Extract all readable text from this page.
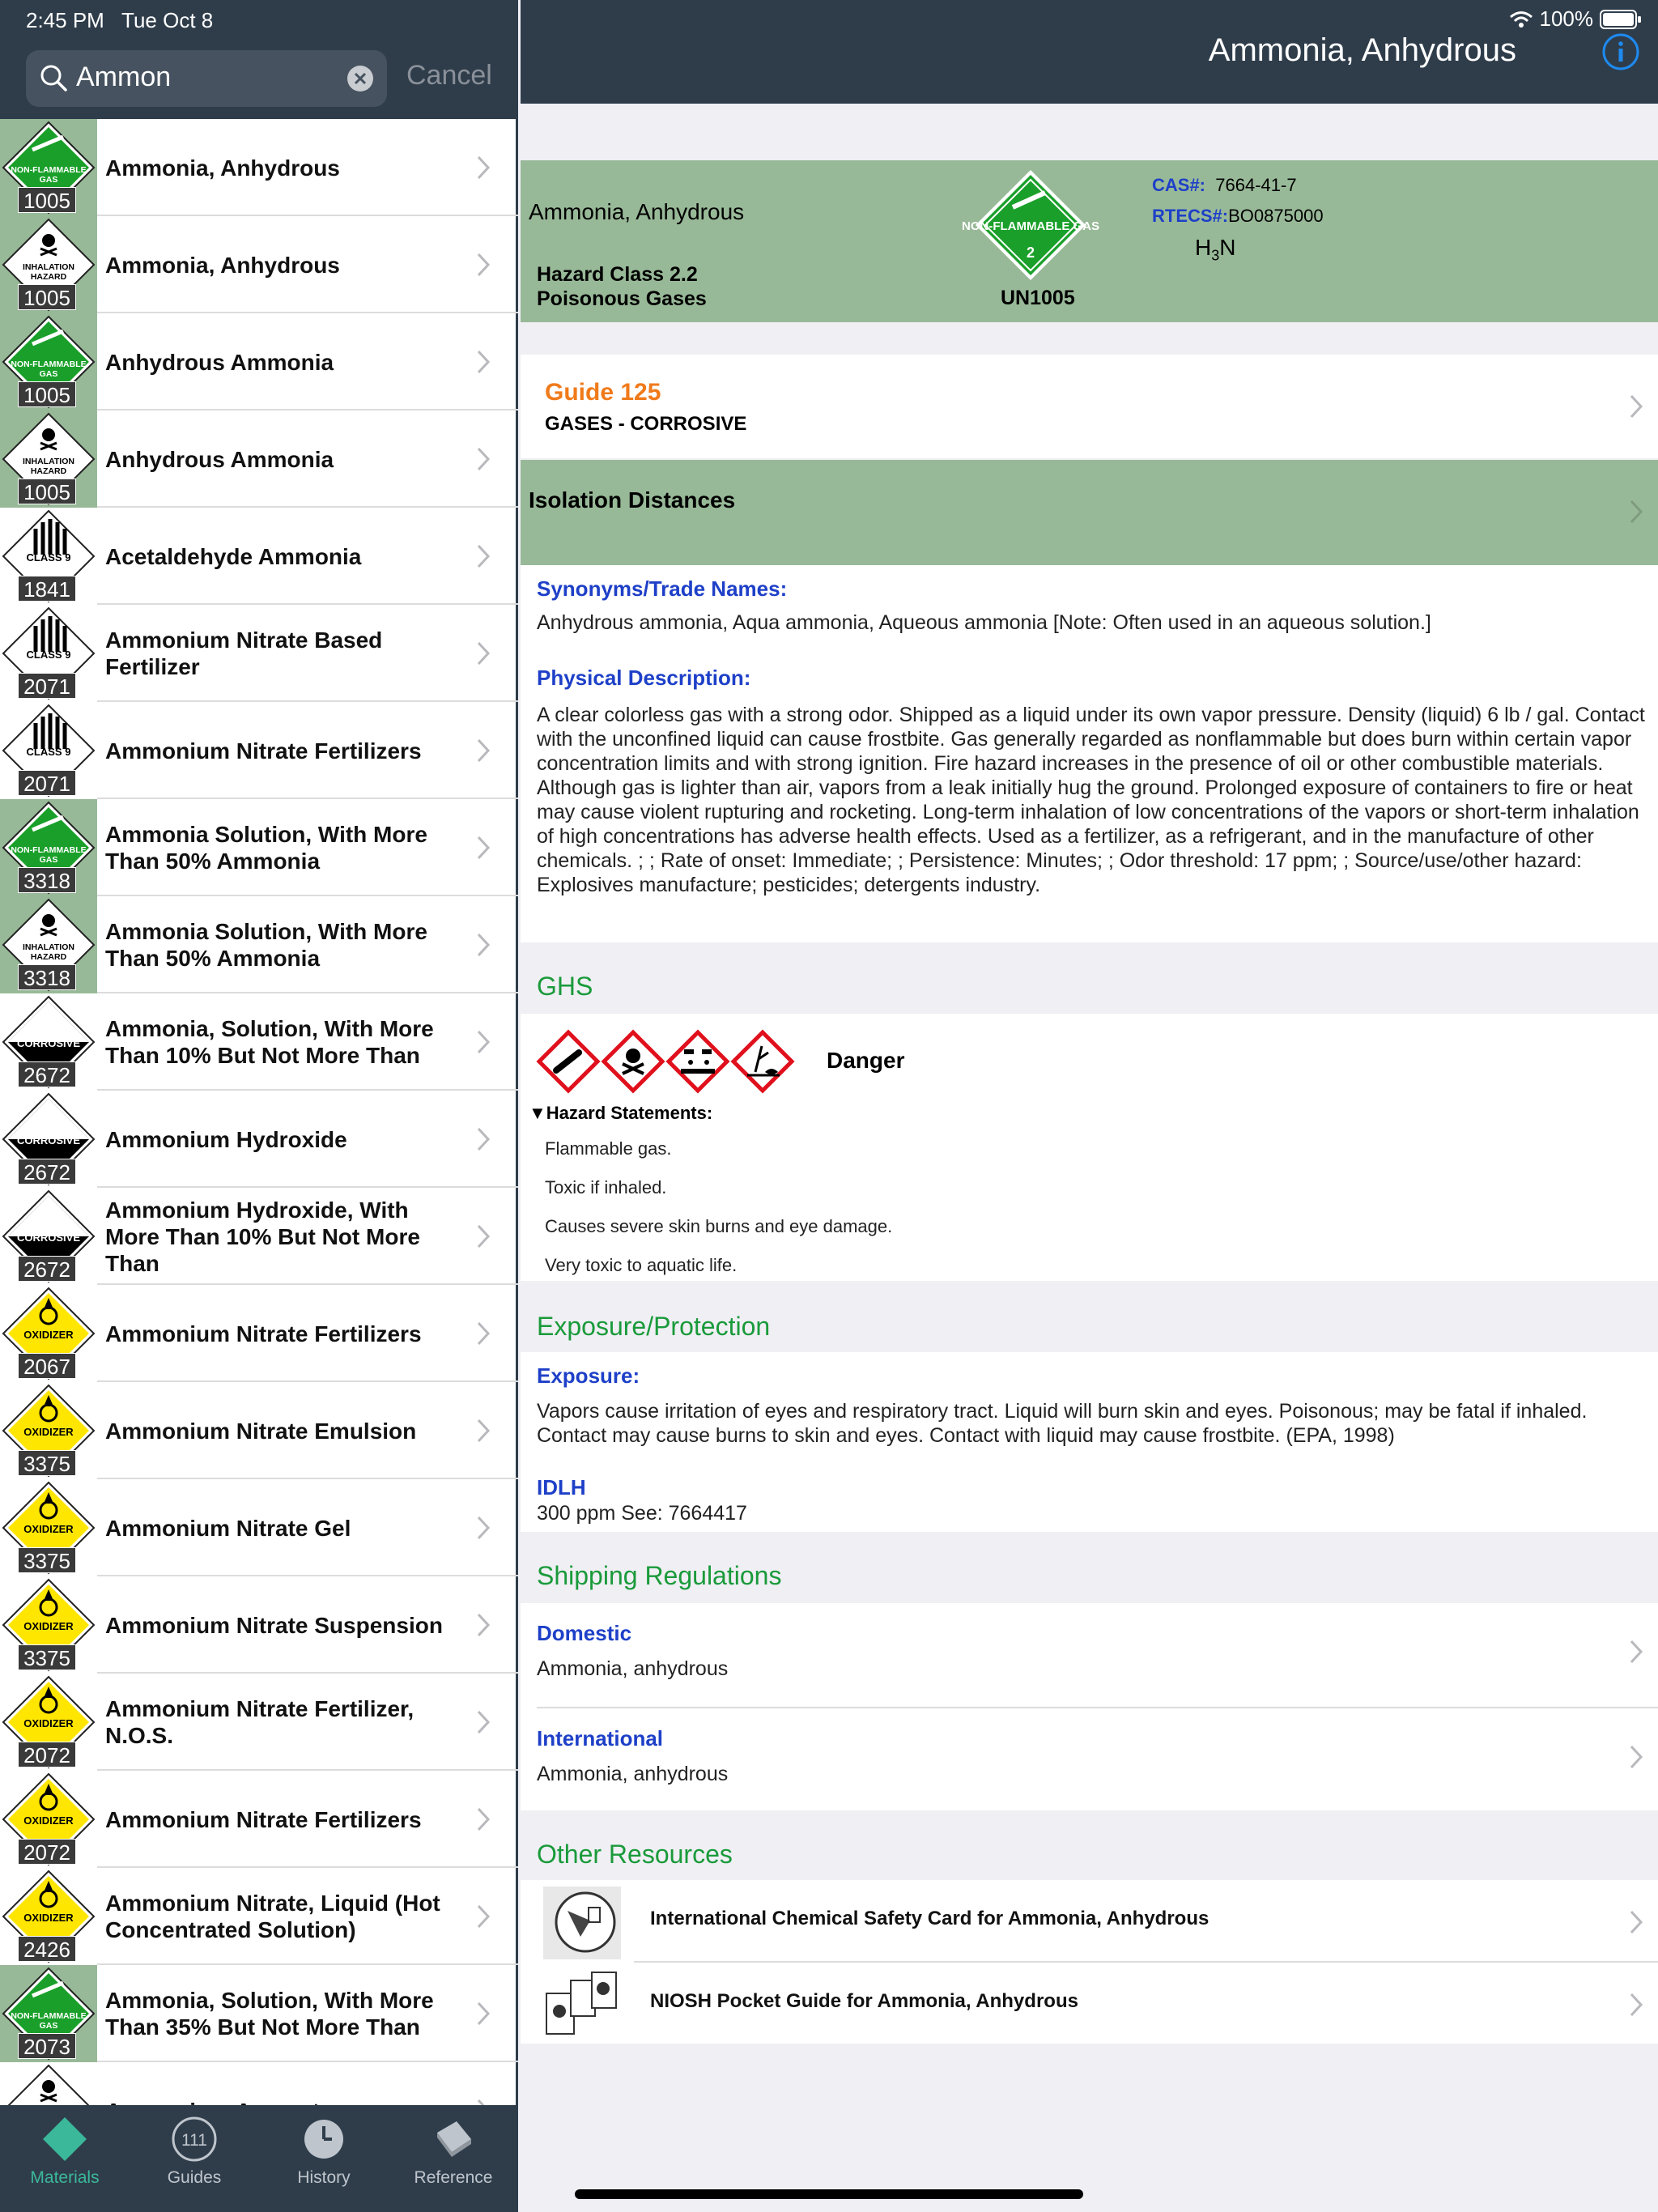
2:45 PM Tue Oct 8
Ammon	Cancel
NON-FLAMMABLE GAS
1005
Ammonia, Anhydrous
INHALATION HAZARD
1005
Ammonia, Anhydrous
NON-FLAMMABLE GAS
1005
Anhydrous Ammonia
INHALATION HAZARD
1005
Anhydrous Ammonia
CLASS 9
1841
Acetaldehyde Ammonia
CLASS 9
2071
Ammonium Nitrate Based Fertilizer
CLASS 9
2071
Ammonium Nitrate Fertilizers
NON-FLAMMABLE GAS
3318
Ammonia Solution, With More Than 50% Ammonia
INHALATION HAZARD
3318
Ammonia Solution, With More Than 50% Ammonia
CORROSIVE
2672
Ammonia, Solution, With More Than 10% But Not More Than
CORROSIVE
2672
Ammonium Hydroxide
CORROSIVE
2672
Ammonium Hydroxide, With More Than 10% But Not More Than
OXIDIZER
2067
Ammonium Nitrate Fertilizers
OXIDIZER
3375
Ammonium Nitrate Emulsion
OXIDIZER
3375
Ammonium Nitrate Gel
OXIDIZER
3375
Ammonium Nitrate Suspension
OXIDIZER
2072
Ammonium Nitrate Fertilizer, N.O.S.
OXIDIZER
2072
Ammonium Nitrate Fertilizers
OXIDIZER
2426
Ammonium Nitrate, Liquid (Hot Concentrated Solution)
NON-FLAMMABLE GAS
2073
Ammonia, Solution, With More Than 35% But Not More Than
Materials
111
Guides	History	Reference
100%
Ammonia, Anhydrous
Ammonia, Anhydrous
Hazard Class 2.2
Poisonous Gases
NON-FLAMMABLE GAS
2
UN1005
CAS#: 7664-41-7
RTECS#:BO0875000
$H_3N$
Guide 125
GASES - CORROSIVE
Isolation Distances
Synonyms/Trade Names:
Anhydrous ammonia, Aqua ammonia, Aqueous ammonia [Note: Often used in an aqueous solution.]
Physical Description:
A clear colorless gas with a strong odor. Shipped as a liquid under its own vapor pressure. Density (liquid) 6 lb / gal. Contact with the unconfined liquid can cause frostbite. Gas generally regarded as nonflammable but does burn within certain vapor concentration limits and with strong ignition. Fire hazard increases in the presence of oil or other combustible materials. Although gas is lighter than air, vapors from a leak initially hug the ground. Prolonged exposure of containers to fire or heat may cause violent rupturing and rocketing. Long-term inhalation of low concentrations of the vapors or short-term inhalation of high concentrations has adverse health effects. Used as a fertilizer, as a refrigerant, and in the manufacture of other chemicals. ; ; Rate of onset: Immediate; ; Persistence: Minutes; ; Odor threshold: 17 ppm; ; Source/use/other hazard: Explosives manufacture; pesticides; detergents industry.
GHS
Danger
▼Hazard Statements:
Flammable gas.
Toxic if inhaled.
Causes severe skin burns and eye damage.
Very toxic to aquatic life.
Exposure/Protection
Exposure:
Vapors cause irritation of eyes and respiratory tract. Liquid will burn skin and eyes. Poisonous; may be fatal if inhaled. Contact may cause burns to skin and eyes. Contact with liquid may cause frostbite. (EPA, 1998)
IDLH
300 ppm See: 7664417
Shipping Regulations
Domestic
Ammonia, anhydrous
International
Ammonia, anhydrous
Other Resources
International Chemical Safety Card for Ammonia, Anhydrous
NIOSH Pocket Guide for Ammonia, Anhydrous
